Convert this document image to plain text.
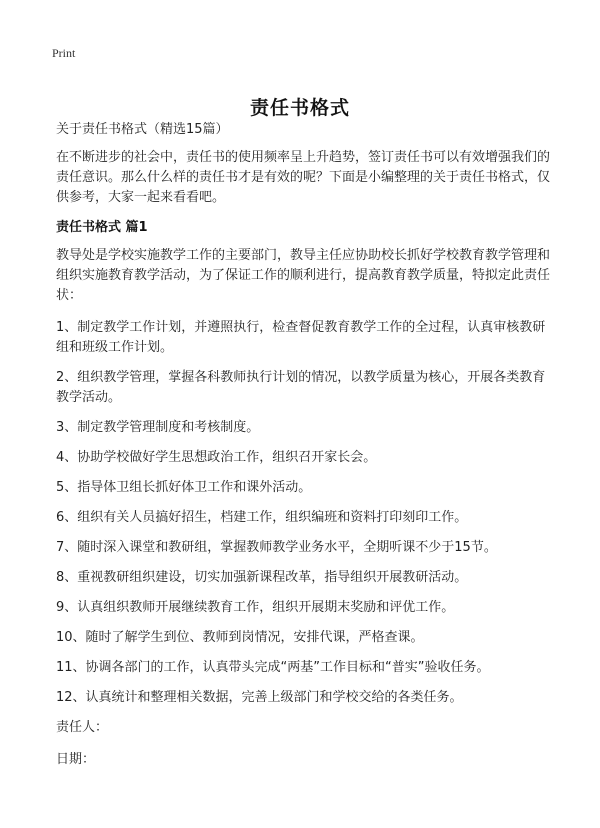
Print
责任书格式

关于责任书格式（精选15篇）

在不断进步的社会中，责任书的使用频率呈上升趋势，签订责任书可以有效增强我们的责任意识。那么什么样的责任书才是有效的呢？下面是小编整理的关于责任书格式，仅供参考，大家一起来看看吧。

责任书格式 篇1

教导处是学校实施教学工作的主要部门，教导主任应协助校长抓好学校教育教学管理和组织实施教育教学活动，为了保证工作的顺利进行，提高教育教学质量，特拟定此责任状：

1、制定教学工作计划，并遵照执行，检查督促教育教学工作的全过程，认真审核教研组和班级工作计划。

2、组织教学管理，掌握各科教师执行计划的情况，以教学质量为核心，开展各类教育教学活动。

3、制定教学管理制度和考核制度。

4、协助学校做好学生思想政治工作，组织召开家长会。

5、指导体卫组长抓好体卫工作和课外活动。

6、组织有关人员搞好招生，档建工作，组织编班和资料打印刻印工作。

7、随时深入课堂和教研组，掌握教师教学业务水平，全期听课不少于15节。

8、重视教研组织建设，切实加强新课程改革，指导组织开展教研活动。

9、认真组织教师开展继续教育工作，组织开展期末奖励和评优工作。

10、随时了解学生到位、教师到岗情况，安排代课，严格查课。

11、协调各部门的工作，认真带头完成“两基”工作目标和“普实”验收任务。

12、认真统计和整理相关数据，完善上级部门和学校交给的各类任务。

责任人：

日期：
